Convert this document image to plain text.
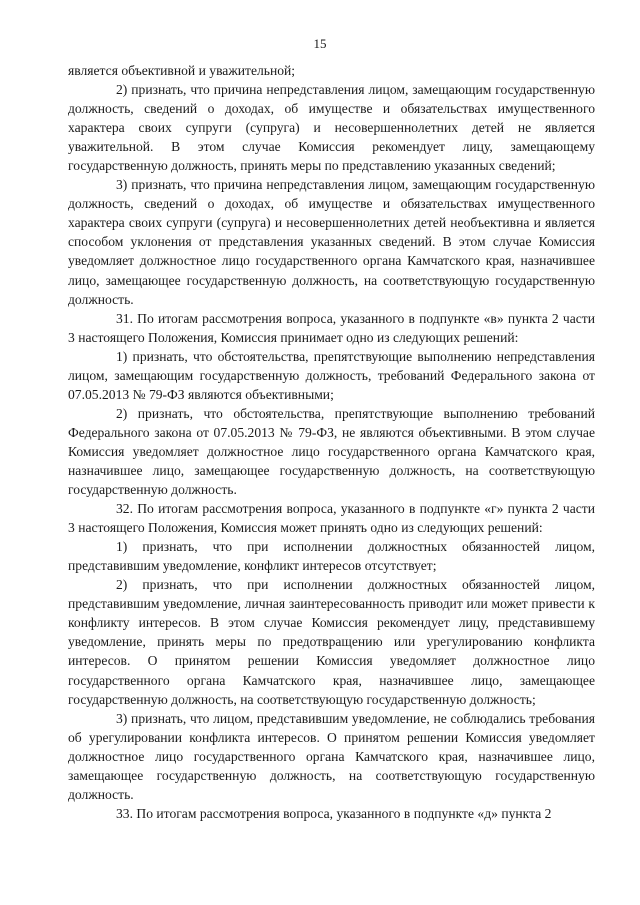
15

является объективной и уважительной;

2) признать, что причина непредставления лицом, замещающим государственную должность, сведений о доходах, об имуществе и обязательствах имущественного характера своих супруги (супруга) и несовершеннолетних детей не является уважительной. В этом случае Комиссия рекомендует лицу, замещающему государственную должность, принять меры по представлению указанных сведений;

3) признать, что причина непредставления лицом, замещающим государственную должность, сведений о доходах, об имуществе и обязательствах имущественного характера своих супруги (супруга) и несовершеннолетних детей необъективна и является способом уклонения от представления указанных сведений. В этом случае Комиссия уведомляет должностное лицо государственного органа Камчатского края, назначившее лицо, замещающее государственную должность, на соответствующую государственную должность.

31. По итогам рассмотрения вопроса, указанного в подпункте «в» пункта 2 части 3 настоящего Положения, Комиссия принимает одно из следующих решений:

1) признать, что обстоятельства, препятствующие выполнению непредставления лицом, замещающим государственную должность, требований Федерального закона от 07.05.2013 № 79-ФЗ являются объективными;

2) признать, что обстоятельства, препятствующие выполнению требований Федерального закона от 07.05.2013 № 79-ФЗ, не являются объективными. В этом случае Комиссия уведомляет должностное лицо государственного органа Камчатского края, назначившее лицо, замещающее государственную должность, на соответствующую государственную должность.

32. По итогам рассмотрения вопроса, указанного в подпункте «г» пункта 2 части 3 настоящего Положения, Комиссия может принять одно из следующих решений:

1) признать, что при исполнении должностных обязанностей лицом, представившим уведомление, конфликт интересов отсутствует;

2) признать, что при исполнении должностных обязанностей лицом, представившим уведомление, личная заинтересованность приводит или может привести к конфликту интересов. В этом случае Комиссия рекомендует лицу, представившему уведомление, принять меры по предотвращению или урегулированию конфликта интересов. О принятом решении Комиссия уведомляет должностное лицо государственного органа Камчатского края, назначившее лицо, замещающее государственную должность, на соответствующую государственную должность;

3) признать, что лицом, представившим уведомление, не соблюдались требования об урегулировании конфликта интересов. О принятом решении Комиссия уведомляет должностное лицо государственного органа Камчатского края, назначившее лицо, замещающее государственную должность, на соответствующую государственную должность.

33. По итогам рассмотрения вопроса, указанного в подпункте «д» пункта 2
